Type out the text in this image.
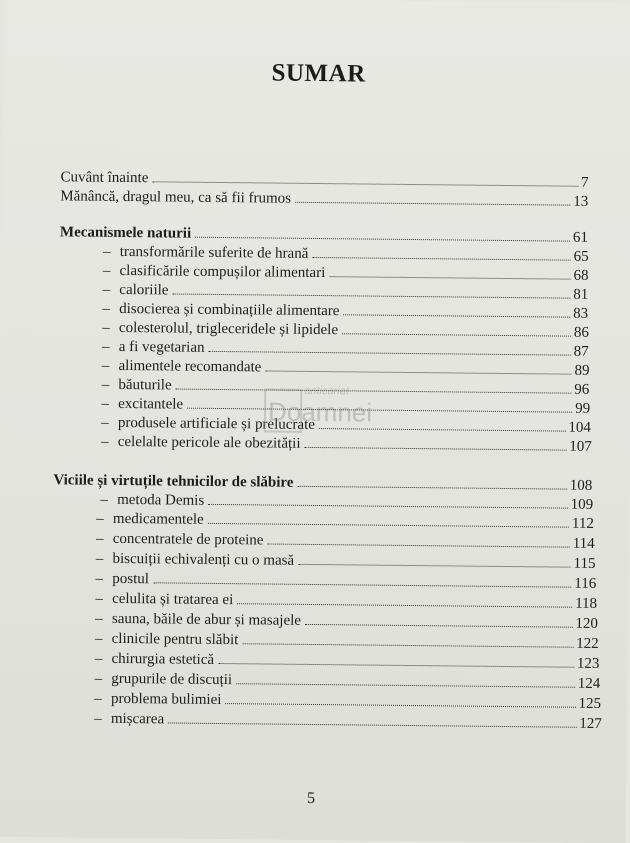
SUMAR
Cuvânt înainte	7
Mănâncă, dragul meu, ca să fii frumos	13
Mecanismele naturii	61
– transformările suferite de hrană	65
– clasificările compușilor alimentari	68
– caloriile	81
– disocierea și combinațiile alimentare	83
– colesterolul, trigleceridele și lipidele	86
– a fi vegetarian	87
– alimentele recomandate	89
– băuturile	96
– excitantele	99
– produsele artificiale și prelucrate	104
– celelalte pericole ale obezității	107
Viciile și virtuțile tehnicilor de slăbire	108
– metoda Demis	109
– medicamentele	112
– concentratele de proteine	114
– biscuiții echivalenți cu o masă	115
– postul	116
– celulita și tratarea ei	118
– sauna, băile de abur și masajele	120
– clinicile pentru slăbit	122
– chirurgia estetică	123
– grupurile de discuții	124
– problema bulimiei	125
– mișcarea	127
anticariat
Doamnei
5
